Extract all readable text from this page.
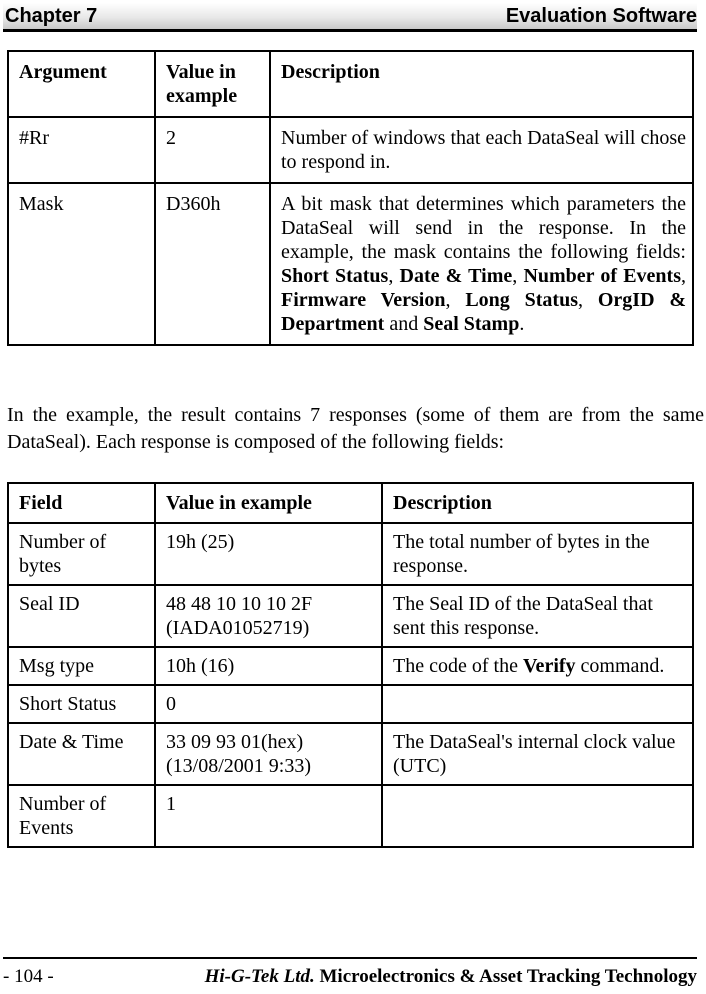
Chapter 7	Evaluation Software
Argument	Value in example	Description
#Rr	2	Number of windows that each DataSeal will chose to respond in.
Mask	D360h	A bit mask that determines which parameters the DataSeal will send in the response. In the example, the mask contains the following fields: Short Status, Date & Time, Number of Events, Firmware Version, Long Status, OrgID & Department and Seal Stamp.
In the example, the result contains 7 responses (some of them are from the same DataSeal). Each response is composed of the following fields:
Field	Value in example	Description
Number of bytes	19h (25)	The total number of bytes in the response.
Seal ID	48 48 10 10 10 2F (IADA01052719)	The Seal ID of the DataSeal that sent this response.
Msg type	10h (16)	The code of the Verify command.
Short Status	0	
Date & Time	33 09 93 01(hex) (13/08/2001 9:33)	The DataSeal's internal clock value (UTC)
Number of Events	1	
- 104 -	Hi-G-Tek Ltd. Microelectronics & Asset Tracking Technology
